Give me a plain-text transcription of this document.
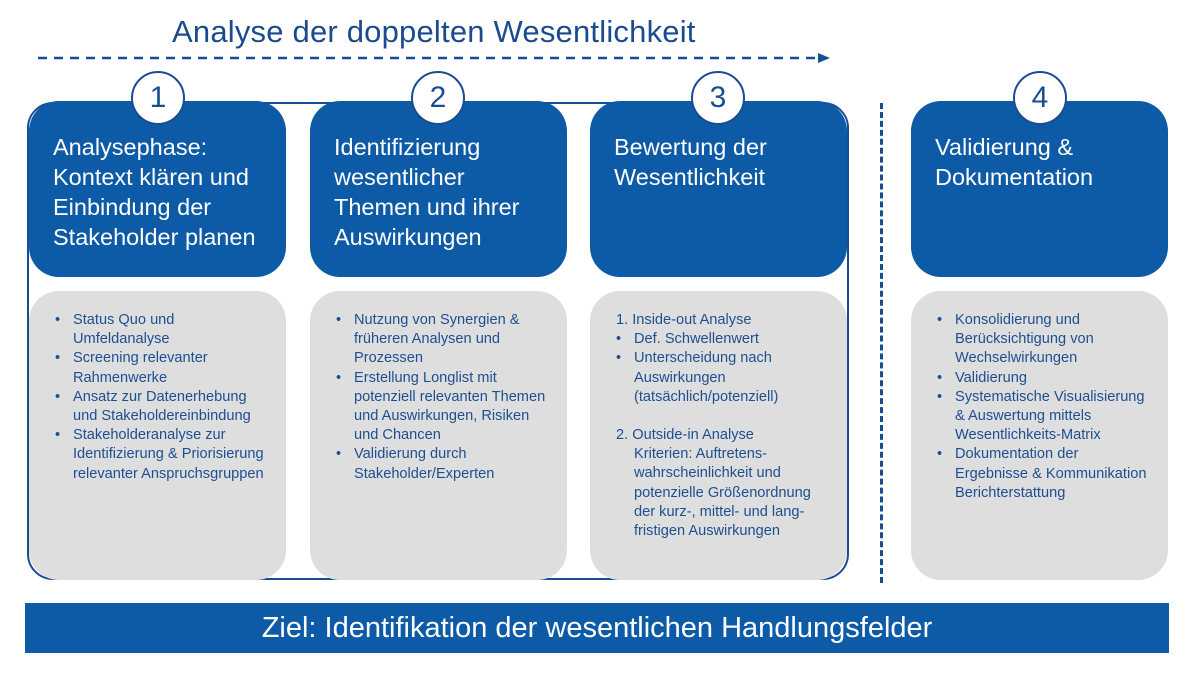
Analyse der doppelten Wesentlichkeit
Analysephase:
Kontext klären und
Einbindung der
Stakeholder planen
1
• Status Quo und Umfeldanalyse
• Screening relevanter Rahmenwerke
• Ansatz zur Datenerhebung und Stakeholdereinbindung
• Stakeholderanalyse zur Identifizierung & Priorisierung relevanter Anspruchsgruppen
Identifizierung
wesentlicher
Themen und ihrer
Auswirkungen
2
• Nutzung von Synergien & früheren Analysen und Prozessen
• Erstellung Longlist mit potenziell relevanten Themen und Auswirkungen, Risiken und Chancen
• Validierung durch Stakeholder/Experten
Bewertung der
Wesentlichkeit
3
1. Inside-out Analyse
• Def. Schwellenwert
• Unterscheidung nach Auswirkungen (tatsächlich/potenziell)
2. Outside-in Analyse
Kriterien: Auftretens-
wahrscheinlichkeit und
potenzielle Größenordnung
der kurz-, mittel- und lang-
fristigen Auswirkungen
Validierung &
Dokumentation
4
• Konsolidierung und Berücksichtigung von Wechselwirkungen
• Validierung
• Systematische Visualisierung & Auswertung mittels Wesentlichkeits-Matrix
• Dokumentation der Ergebnisse & Kommunikation Berichterstattung
Ziel: Identifikation der wesentlichen Handlungsfelder
